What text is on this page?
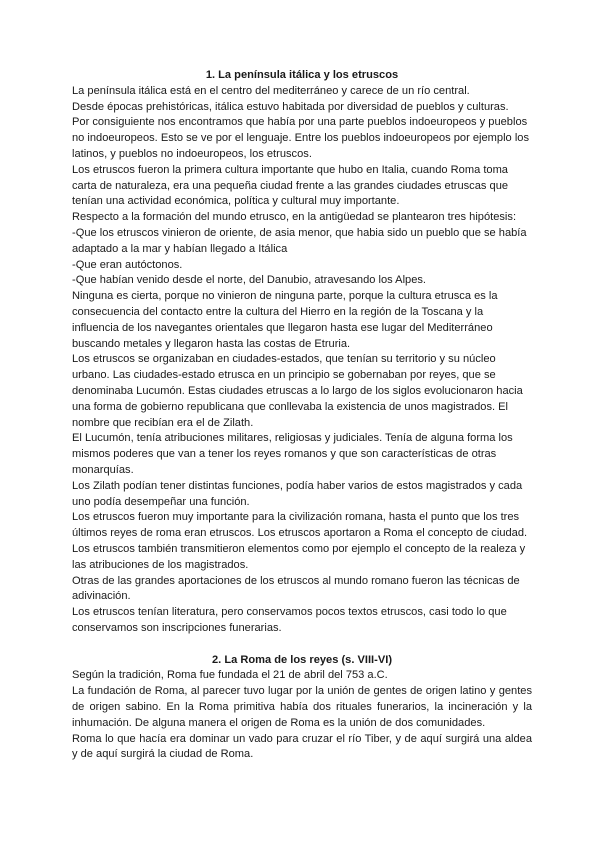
1. La península itálica y los etruscos

La península itálica está en el centro del mediterráneo y carece de un río central.

Desde épocas prehistóricas, itálica estuvo habitada por diversidad de pueblos y culturas.

Por consiguiente nos encontramos que había por una parte pueblos indoeuropeos y pueblos no indoeuropeos. Esto se ve por el lenguaje. Entre los pueblos indoeuropeos por ejemplo los latinos, y pueblos no indoeuropeos, los etruscos.

Los etruscos fueron la primera cultura importante que hubo en Italia, cuando Roma toma carta de naturaleza, era una pequeña ciudad frente a las grandes ciudades etruscas que tenían una actividad económica, política y cultural muy importante.

Respecto a la formación del mundo etrusco, en la antigüedad se plantearon tres hipótesis:

-Que los etruscos vinieron de oriente, de asia menor, que habia sido un pueblo que se había adaptado a la mar y habían llegado a Itálica

-Que eran autóctonos.

-Que habían venido desde el norte, del Danubio, atravesando los Alpes.

Ninguna es cierta, porque no vinieron de ninguna parte, porque la cultura etrusca es la consecuencia del contacto entre la cultura del Hierro en la región de la Toscana y la influencia de los navegantes orientales que llegaron hasta ese lugar del Mediterráneo buscando metales y llegaron hasta las costas de Etruria.

Los etruscos se organizaban en ciudades-estados, que tenían su territorio y su núcleo urbano. Las ciudades-estado etrusca en un principio se gobernaban por reyes, que se denominaba Lucumón. Estas ciudades etruscas a lo largo de los siglos evolucionaron hacia una forma de gobierno republicana que conllevaba la existencia de unos magistrados. El nombre que recibían era el de Zilath.

El Lucumón, tenía atribuciones militares, religiosas y judiciales. Tenía de alguna forma los mismos poderes que van a tener los reyes romanos y que son características de otras monarquías.

Los Zilath podían tener distintas funciones, podía haber varios de estos magistrados y cada uno podía desempeñar una función.

Los etruscos fueron muy importante para la civilización romana, hasta el punto que los tres últimos reyes de roma eran etruscos. Los etruscos aportaron a Roma el concepto de ciudad.

Los etruscos también transmitieron elementos como por ejemplo el concepto de la realeza y las atribuciones de los magistrados.

Otras de las grandes aportaciones de los etruscos al mundo romano fueron las técnicas de adivinación.

Los etruscos tenían literatura, pero conservamos pocos textos etruscos, casi todo lo que conservamos son inscripciones funerarias.

2. La Roma de los reyes (s. VIII-VI)

Según la tradición, Roma fue fundada el 21 de abril del 753 a.C.

La fundación de Roma, al parecer tuvo lugar por la unión de gentes de origen latino y gentes de origen sabino. En la Roma primitiva había dos rituales funerarios, la incineración y la inhumación. De alguna manera el origen de Roma es la unión de dos comunidades.

Roma lo que hacía era dominar un vado para cruzar el río Tiber, y de aquí surgirá una aldea y de aquí surgirá la ciudad de Roma.
